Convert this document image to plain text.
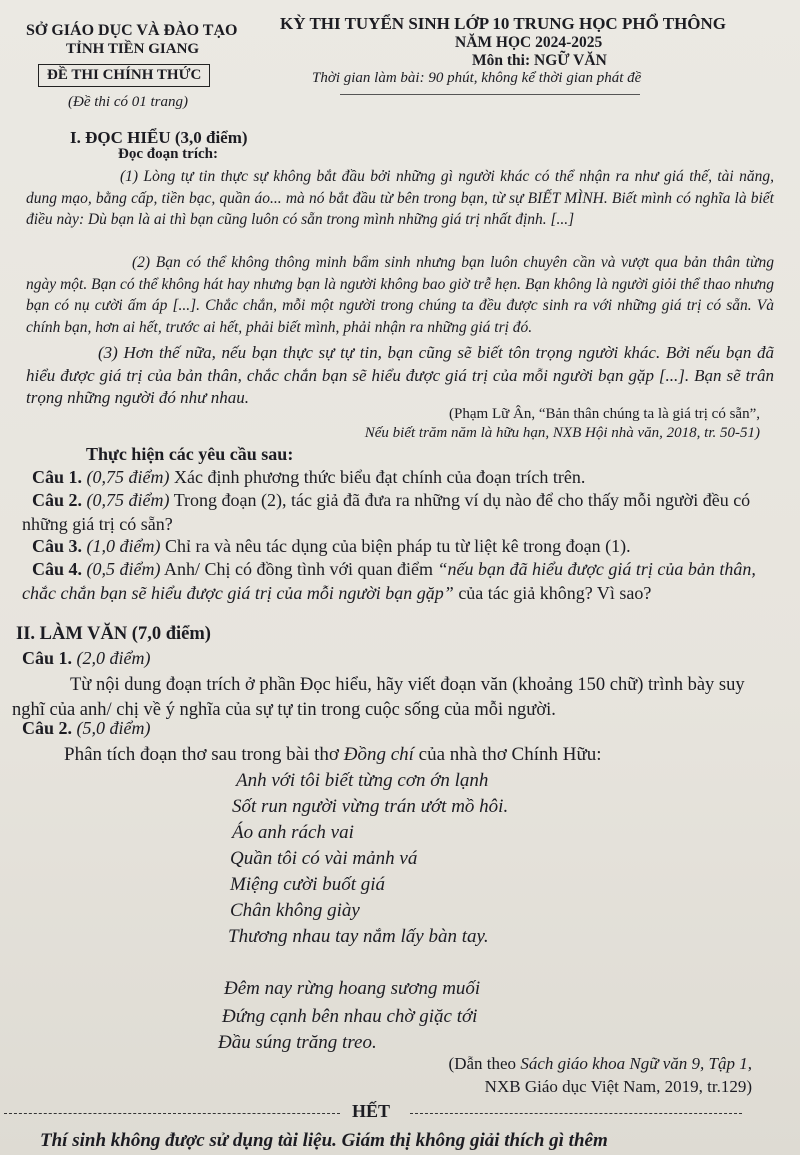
SỞ GIÁO DỤC VÀ ĐÀO TẠO
TỈNH TIỀN GIANG
ĐỀ THI CHÍNH THỨC
(Đề thi có 01 trang)
KỲ THI TUYỂN SINH LỚP 10 TRUNG HỌC PHỔ THÔNG
NĂM HỌC 2024-2025
Môn thi: NGỮ VĂN
Thời gian làm bài: 90 phút, không kể thời gian phát đề
I. ĐỌC HIỂU (3,0 điểm)
Đọc đoạn trích:
(1) Lòng tự tin thực sự không bắt đầu bởi những gì người khác có thể nhận ra như giá thế, tài năng, dung mạo, bằng cấp, tiền bạc, quần áo... mà nó bắt đầu từ bên trong bạn, từ sự BIẾT MÌNH. Biết mình có nghĩa là biết điều này: Dù bạn là ai thì bạn cũng luôn có sẵn trong mình những giá trị nhất định. [...]
(2) Bạn có thể không thông minh bẩm sinh nhưng bạn luôn chuyên cần và vượt qua bản thân từng ngày một. Bạn có thể không hát hay nhưng bạn là người không bao giờ trễ hẹn. Bạn không là người giỏi thể thao nhưng bạn có nụ cười ấm áp [...]. Chắc chắn, mỗi một người trong chúng ta đều được sinh ra với những giá trị có sẵn. Và chính bạn, hơn ai hết, trước ai hết, phải biết mình, phải nhận ra những giá trị đó.
(3) Hơn thế nữa, nếu bạn thực sự tự tin, bạn cũng sẽ biết tôn trọng người khác. Bởi nếu bạn đã hiểu được giá trị của bản thân, chắc chắn bạn sẽ hiểu được giá trị của mỗi người bạn gặp [...]. Bạn sẽ trân trọng những người đó như nhau.
(Phạm Lữ Ân, “Bản thân chúng ta là giá trị có sẵn”,
Nếu biết trăm năm là hữu hạn, NXB Hội nhà văn, 2018, tr. 50-51)
Thực hiện các yêu cầu sau:
Câu 1. (0,75 điểm) Xác định phương thức biểu đạt chính của đoạn trích trên.
Câu 2. (0,75 điểm) Trong đoạn (2), tác giả đã đưa ra những ví dụ nào để cho thấy mỗi người đều có những giá trị có sẵn?
Câu 3. (1,0 điểm) Chỉ ra và nêu tác dụng của biện pháp tu từ liệt kê trong đoạn (1).
Câu 4. (0,5 điểm) Anh/ Chị có đồng tình với quan điểm “nếu bạn đã hiểu được giá trị của bản thân, chắc chắn bạn sẽ hiểu được giá trị của mỗi người bạn gặp” của tác giả không? Vì sao?
II. LÀM VĂN (7,0 điểm)
Câu 1. (2,0 điểm)
Từ nội dung đoạn trích ở phần Đọc hiểu, hãy viết đoạn văn (khoảng 150 chữ) trình bày suy nghĩ của anh/ chị về ý nghĩa của sự tự tin trong cuộc sống của mỗi người.
Câu 2. (5,0 điểm)
Phân tích đoạn thơ sau trong bài thơ Đồng chí của nhà thơ Chính Hữu:
Anh với tôi biết từng cơn ớn lạnh
Sốt run người vừng trán ướt mồ hôi.
Áo anh rách vai
Quần tôi có vài mảnh vá
Miệng cười buốt giá
Chân không giày
Thương nhau tay nắm lấy bàn tay.
Đêm nay rừng hoang sương muối
Đứng cạnh bên nhau chờ giặc tới
Đầu súng trăng treo.
(Dẫn theo Sách giáo khoa Ngữ văn 9, Tập 1,
NXB Giáo dục Việt Nam, 2019, tr.129)
HẾT
Thí sinh không được sử dụng tài liệu. Giám thị không giải thích gì thêm
